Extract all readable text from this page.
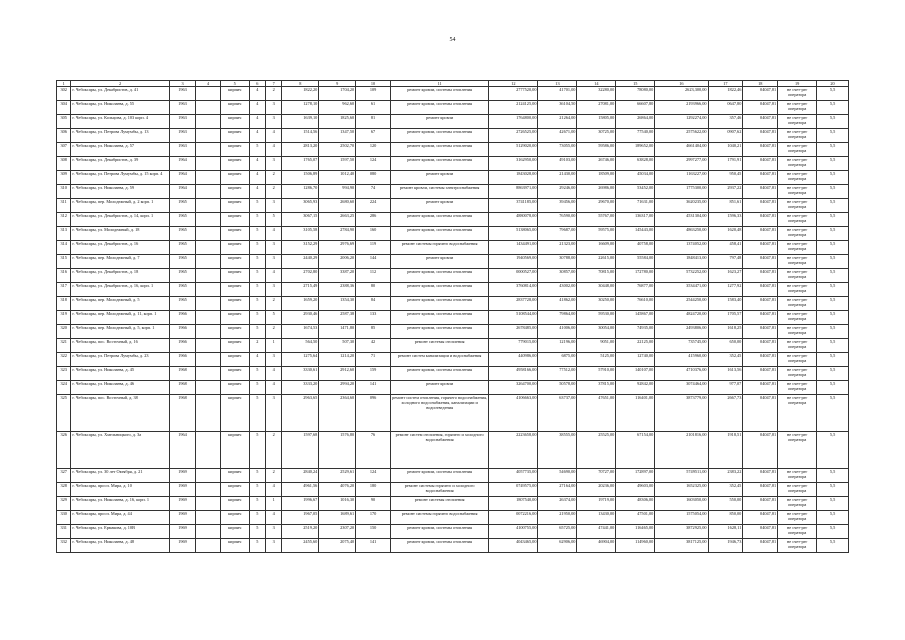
54
1	2	3	4	5	6	7	8	9	10	11	12	13	14	15	16	17	18	19	20
302	г. Чебоксары, ул. Декабристов, д. 41	1963		кирпич	4	2	1822,20	1704,20	109	ремонт кровли, системы отопления	2777520,00	41701,00	32280,00	78080,00	2623,300,00	1822,46	04047,81	не счет-рег оператора	5,5
304	г. Чебоксары, ул. Николаева, д. 55	1963		кирпич	4	3	1278,10	962,60	61	ремонт кровли, системы отопления	2124125,00	36104,50	27081,00	66607,80	2193966,00	0647,80	04047,81	не счет-рег оператора	5,5
305	г. Чебоксары, ул. Кольцова, д. 103 корп. 4	1963		кирпич	4	3	1639,10	1825,60	81	ремонт кровли	1764800,00	21264,00	15805,00	26864,00	1292274,00	357,46	04047,81	не счет-рег оператора	5,5
306	г. Чебоксары, ул. Петрова Лумумбы, д. 13	1963		кирпич	4	4	1514,56	1347,50	67	ремонт кровли, системы отопления	2726525,00	42671,00	30725,00	77540,00	2575622,00	0907,62	04047,81	не счет-рег оператора	5,5
307	г. Чебоксары, ул. Николаева, д. 57	1963		кирпич	5	4	2813,20	2502,70	120	ремонт кровли, системы отопления	5129020,00	73055,00	59586,00	189652,00	4661404,00	1040,21	04047,81	не счет-рег оператора	5,5
308	г. Чебоксары, ул. Декабристов, д. 39	1964		кирпич	4	3	1765,07	1597,50	124	ремонт кровли, системы отопления	3162950,00	49103,00	26746,00	63828,00	2997277,00	1791,91	04047,81	не счет-рег оператора	5,5
309	г. Чебоксары, ул. Петрова Лумумбы, д. 15 корп. 4	1964		кирпич	4	2	1506,89	1012,40	080	ремонт кровли	1843028,00	21430,00	18509,00	45034,00	1163227,00	950,45	04047,81	не счет-рег оператора	5,5
310	г. Чебоксары, ул. Николаева, д. 59	1964		кирпич	4	2	1286,70	994,90	74	ремонт кровли, системы электроснабжения	8863971,00	29246,00	26986,00	53452,00	1775300,00	2937,22	04047,81	не счет-рег оператора	5,5
311	г. Чебоксары, пер. Молодежный, д. 2 корп. 1	1965		кирпич	5	3	3065,93	2680,60	224	ремонт кровли	3741185,00	39456,00	29670,00	71631,00	3620235,00	851,61	04047,81	не счет-рег оператора	5,5
312	г. Чебоксары, ул. Декабристов, д. 14, корп. 1	1965		кирпич	5	5	3067,15	2663,25	286	ремонт кровли, системы отопления	4880078,00	76590,00	55767,00	136317,00	4531304,00	1596,33	04047,81	не счет-рег оператора	5,5
313	г. Чебоксары, ул. Молодежный, д. 18	1965		кирпич	5	4	3105,58	2784,90	160	ремонт кровли, системы отопления	5138065,00	79687,00	59575,00	145443,00	4863250,00	1620,48	04047,81	не счет-рег оператора	5,5
314	г. Чебоксары, ул. Декабристов, д. 16	1965		кирпич	5	3	3152,29	2976,69	119	ремонт системы горячего водоснабжения	1434491,00	21323,00	16609,00	40758,00	1374052,00	458,41	04047,81	не счет-рег оператора	5,5
315	г. Чебоксары, пер. Молодежный, д. 7	1965		кирпич	5	3	2440,29	2006,20	144	ремонт кровли	1940569,00	30788,00	22615,00	55584,00	1848413,00	797,48	04047,81	не счет-рег оператора	5,5
316	г. Чебоксары, ул. Декабристов, д. 18	1965		кирпич	5	4	2702,80	3387,20	112	ремонт кровли, системы отопления	0000527,00	30857,00	70815,00	172780,00	5732252,00	1623,27	04047,81	не счет-рег оператора	5,5
317	г. Чебоксары, ул. Декабристов, д. 16, корп. 1	1965		кирпич	5	3	2715,49	2388,36	80	ремонт кровли, системы отопления	3760814,00	43002,00	30448,00	76877,00	3534471,00	1277,92	04047,81	не счет-рег оператора	5,5
318	г. Чебоксары, пер. Молодежный, д. 5	1965		кирпич	5	2	1659,20	1354,30	84	ремонт кровли, системы отопления	2837728,00	41862,00	30250,00	76610,00	2544250,00	1583,40	04047,81	не счет-рег оператора	5,5
319	г. Чебоксары, пер. Молодежный, д. 11, корп. 1	1966		кирпич	5	5	2930,46	2587,38	133	ремонт кровли, системы отопления	5108544,00	79864,00	59530,00	145867,00	4824720,00	1705,57	04047,81	не счет-рег оператора	5,5
320	г. Чебоксары, пер. Молодежный, д. 5, корп. 1	1966		кирпич	5	2	1674,53	1471,80	85	ремонт кровли, системы отопления	2678485,00	41006,00	30054,00	74935,00	2493806,00	1618,25	04047,81	не счет-рег оператора	5,5
321	г. Чебоксары, пос. Восточный, д. 16	1966		кирпич	2	1	564,50	507,30	42	ремонт системы отопления	779015,00	12196,00	9051,00	22125,00	735745,00	650,00	04047,81	не счет-рег оператора	5,5
322	г. Чебоксары, ул. Петрова Лумумбы, д. 23	1966		кирпич	4	3	1275,64	1214,20	71	ремонт систем канализации и водоснабжения	440986,00	6875,00	5125,00	12740,00	415960,00	352,45	04047,81	не счет-рег оператора	5,5
323	г. Чебоксары, ул. Николаева, д. 45	1968		кирпич	5	4	3330,61	2912,60	159	ремонт кровли, системы отопления	4958166,00	77512,00	57910,00	140107,00	4710376,00	1613,56	04047,81	не счет-рег оператора	5,5
324	г. Чебоксары, ул. Николаева, д. 46	1968		кирпич	5	4	3333,20	2994,20	141	ремонт кровли	3264700,00	50578,00	37815,00	92842,00	3074464,00	977,07	04047,81	не счет-рег оператора	5,5
325	г. Чебоксары, пос. Восточный, д. 38	1968		кирпич	5	3	2963,65	2364,60	096	ремонт систем отопления, горячего водоснабжения, холодного водоснабжения, канализации и водоотведения	4106663,00	63737,00	47651,00	116401,00	3873779,00	2667,73	04047,81	не счет-рег оператора	5,5
326	г. Чебоксары, ул. Хмельницкого, д. 3а	1964		кирпич	5	2	1597,68	1576,80	76	ремонт систем отопления, горячего и холодного водоснабжения	2223658,00	38555,00	25525,00	67154,00	2101816,00	1918,51	04047,81	не счет-рег оператора	5,5
327	г. Чебоксары, ул. 30 лет Октября, д. 21	1969		кирпич	5	2	2840,24	2529,61	124	ремонт кровли, системы отопления	4057735,00	54690,00	70727,00	172897,00	5749511,00	2383,22	04047,81	не счет-рег оператора	5,5
328	г. Чебоксары, просп. Мира, д. 10	1969		кирпич	5	4	4961,56	4076,20	180	ремонт системы горячего и холодного водоснабжения	0749575,00	27164,00	20236,00	49603,00	1652325,00	352,45	04047,81	не счет-рег оператора	5,5
329	г. Чебоксары, ул. Николаева, д. 16, корп. 1	1969		кирпич	5	1	1996,67	1016,30	90	ремонт системы отопления	1807540,00	26374,00	19719,00	48306,00	1603050,00	550,00	04047,81	не счет-рег оператора	5,5
330	г. Чебоксары, просп. Мира, д. 44	1969		кирпич	5	4	1967,05	1689,61	170	ремонт системы горячего водоснабжения	0072216,00	21950,00	13430,00	47501,00	1575054,00	850,00	04047,81	не счет-рег оператора	5,5
331	г. Чебоксары, ул. Ермакова, д. 10В	1969		кирпич	5	3	2519,20	2307,20	150	ремонт кровли, системы отопления	4100755,00	65725,00	47441,00	116465,00	3872925,00	1628,11	04047,81	не счет-рег оператора	5,5
332	г. Чебоксары, ул. Николаева, д. 48	1969		кирпич	5	3	2455,60	2075,40	141	ремонт кровли, системы отопления	4043465,00	62906,00	46904,00	114960,00	3817125,00	1946,73	04047,81	не счет-рег оператора	5,5
